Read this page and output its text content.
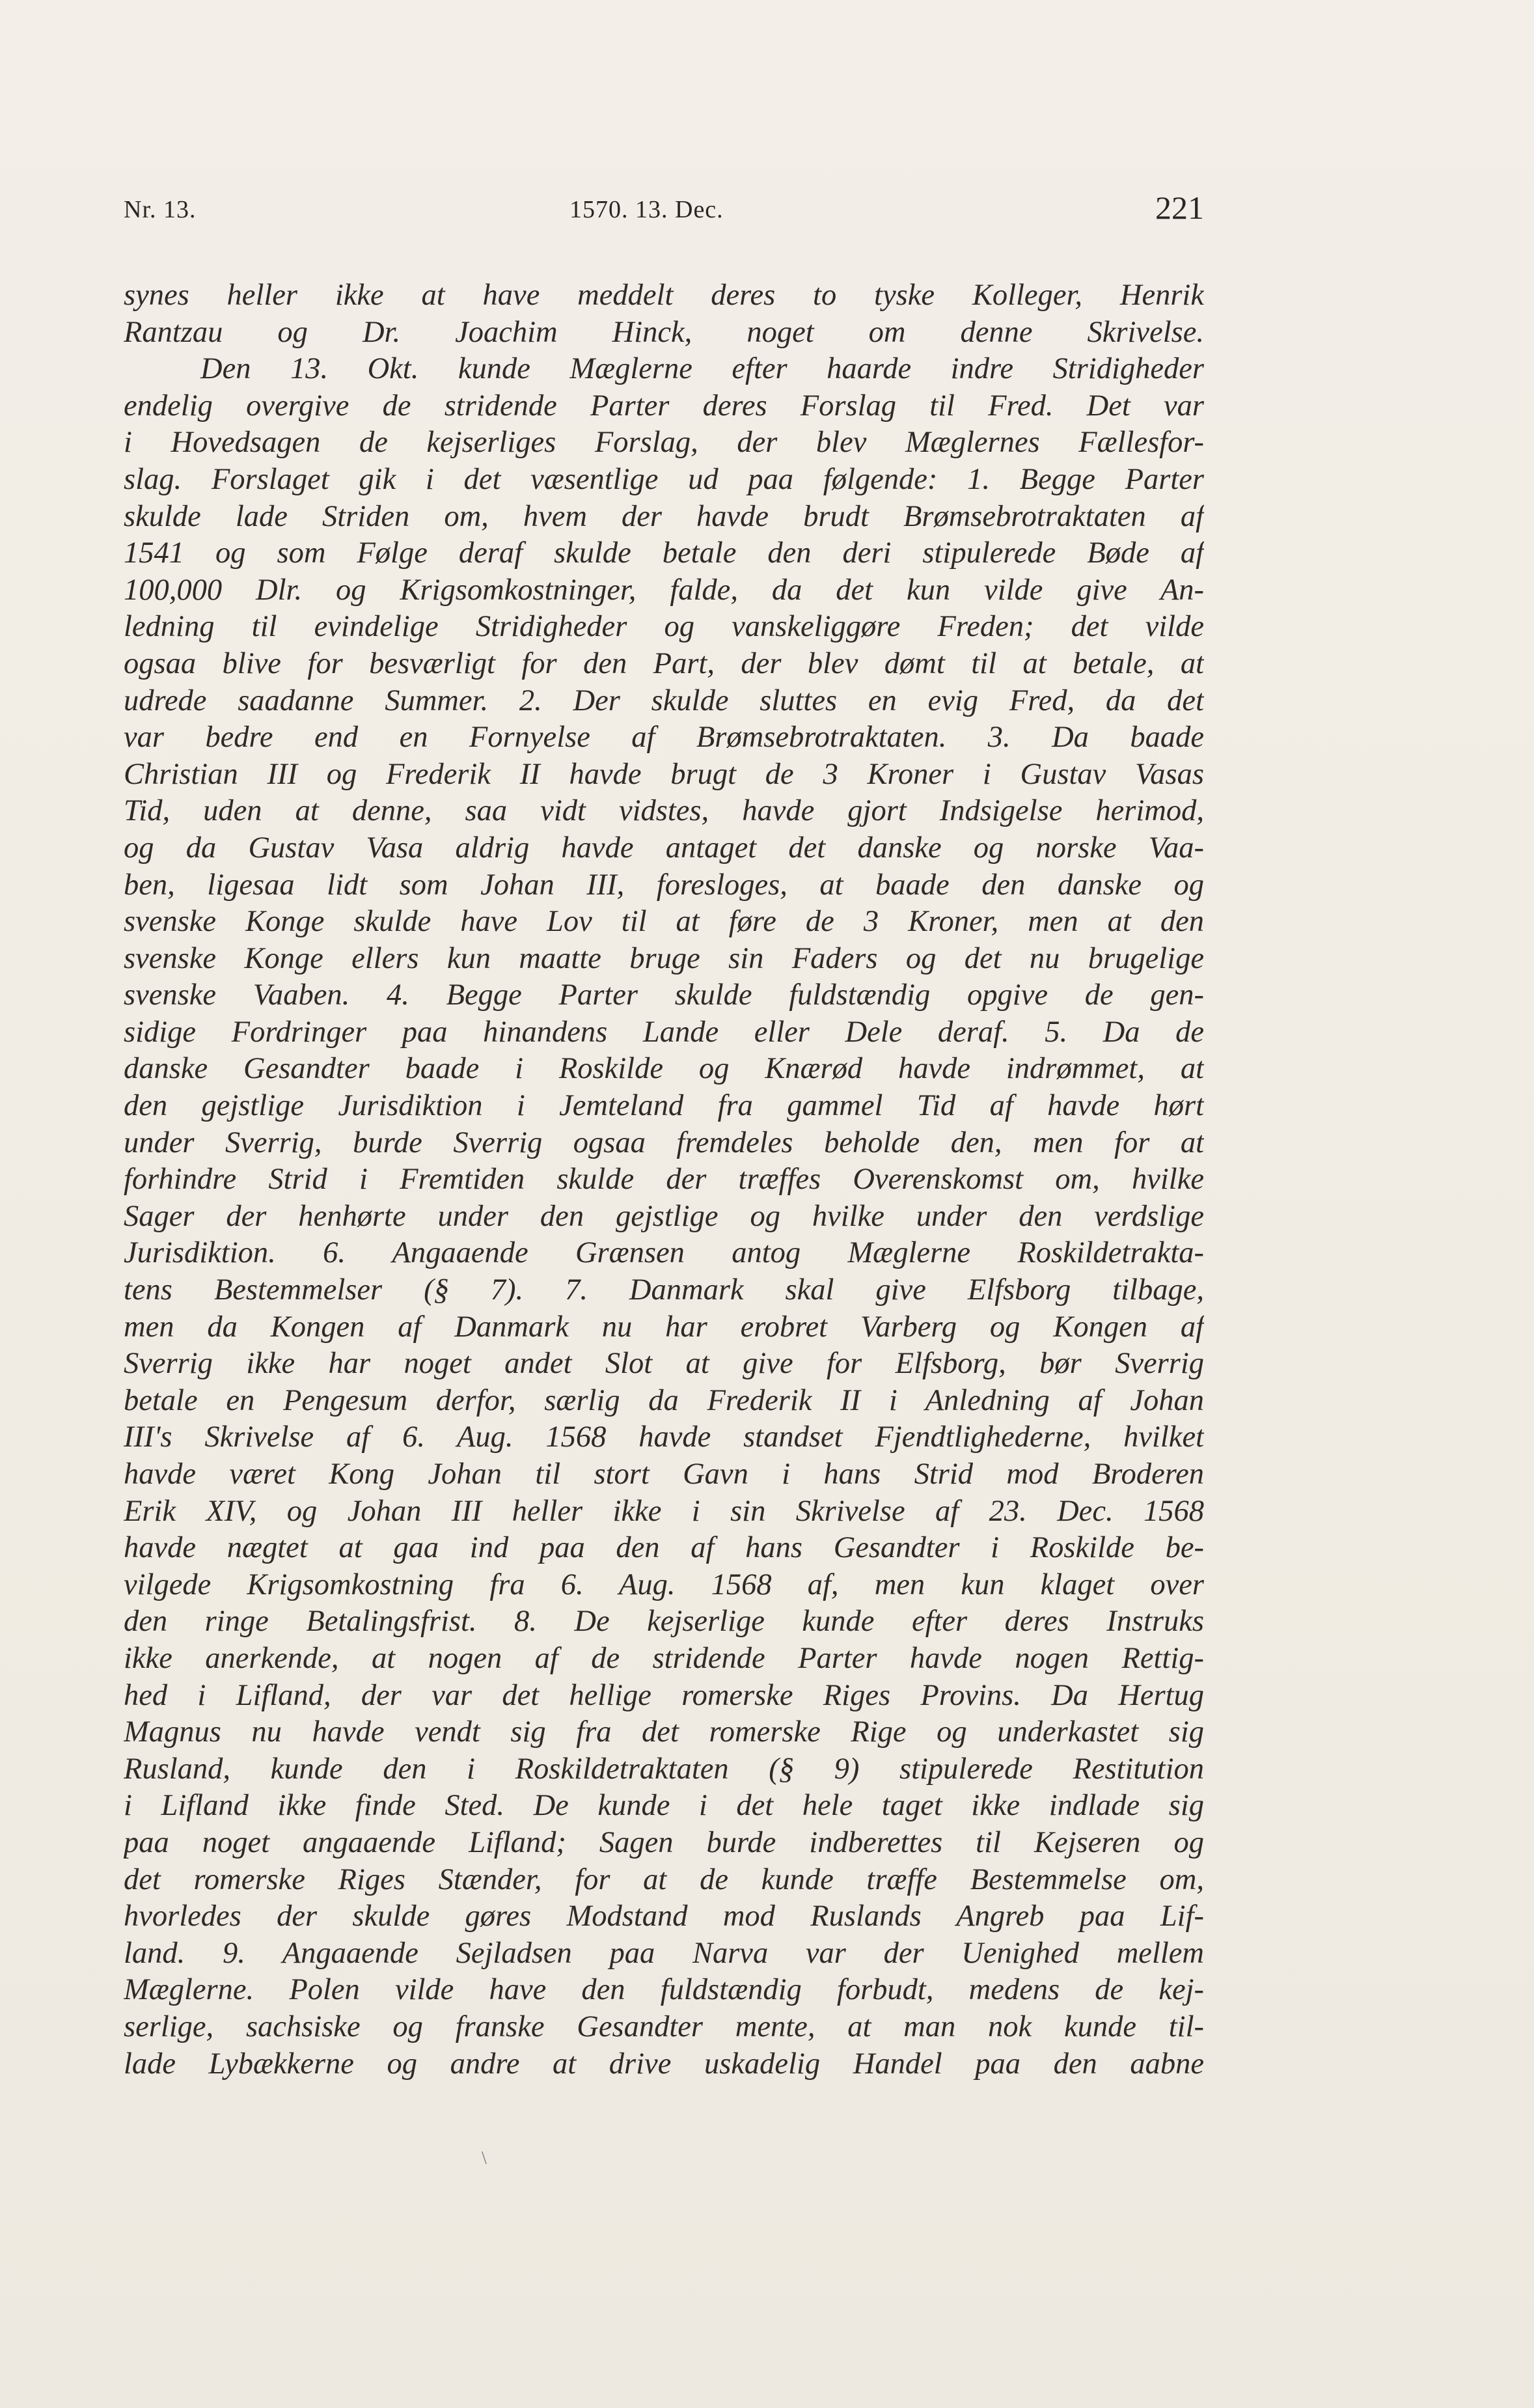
Nr. 13.	1570. 13. Dec.	221
synes heller ikke at have meddelt deres to tyske Kolleger, Henrik
Rantzau og Dr. Joachim Hinck, noget om denne Skrivelse.
Den 13. Okt. kunde Mæglerne efter haarde indre Stridigheder
endelig overgive de stridende Parter deres Forslag til Fred. Det var
i Hovedsagen de kejserliges Forslag, der blev Mæglernes Fællesfor-
slag. Forslaget gik i det væsentlige ud paa følgende: 1. Begge Parter
skulde lade Striden om, hvem der havde brudt Brømsebrotraktaten af
1541 og som Følge deraf skulde betale den deri stipulerede Bøde af
100,000 Dlr. og Krigsomkostninger, falde, da det kun vilde give An-
ledning til evindelige Stridigheder og vanskeliggøre Freden; det vilde
ogsaa blive for besværligt for den Part, der blev dømt til at betale, at
udrede saadanne Summer. 2. Der skulde sluttes en evig Fred, da det
var bedre end en Fornyelse af Brømsebrotraktaten. 3. Da baade
Christian III og Frederik II havde brugt de 3 Kroner i Gustav Vasas
Tid, uden at denne, saa vidt vidstes, havde gjort Indsigelse herimod,
og da Gustav Vasa aldrig havde antaget det danske og norske Vaa-
ben, ligesaa lidt som Johan III, foresloges, at baade den danske og
svenske Konge skulde have Lov til at føre de 3 Kroner, men at den
svenske Konge ellers kun maatte bruge sin Faders og det nu brugelige
svenske Vaaben. 4. Begge Parter skulde fuldstændig opgive de gen-
sidige Fordringer paa hinandens Lande eller Dele deraf. 5. Da de
danske Gesandter baade i Roskilde og Knærød havde indrømmet, at
den gejstlige Jurisdiktion i Jemteland fra gammel Tid af havde hørt
under Sverrig, burde Sverrig ogsaa fremdeles beholde den, men for at
forhindre Strid i Fremtiden skulde der træffes Overenskomst om, hvilke
Sager der henhørte under den gejstlige og hvilke under den verdslige
Jurisdiktion. 6. Angaaende Grænsen antog Mæglerne Roskildetrakta-
tens Bestemmelser (§ 7). 7. Danmark skal give Elfsborg tilbage,
men da Kongen af Danmark nu har erobret Varberg og Kongen af
Sverrig ikke har noget andet Slot at give for Elfsborg, bør Sverrig
betale en Pengesum derfor, særlig da Frederik II i Anledning af Johan
III's Skrivelse af 6. Aug. 1568 havde standset Fjendtlighederne, hvilket
havde været Kong Johan til stort Gavn i hans Strid mod Broderen
Erik XIV, og Johan III heller ikke i sin Skrivelse af 23. Dec. 1568
havde nægtet at gaa ind paa den af hans Gesandter i Roskilde be-
vilgede Krigsomkostning fra 6. Aug. 1568 af, men kun klaget over
den ringe Betalingsfrist. 8. De kejserlige kunde efter deres Instruks
ikke anerkende, at nogen af de stridende Parter havde nogen Rettig-
hed i Lifland, der var det hellige romerske Riges Provins. Da Hertug
Magnus nu havde vendt sig fra det romerske Rige og underkastet sig
Rusland, kunde den i Roskildetraktaten (§ 9) stipulerede Restitution
i Lifland ikke finde Sted. De kunde i det hele taget ikke indlade sig
paa noget angaaende Lifland; Sagen burde indberettes til Kejseren og
det romerske Riges Stænder, for at de kunde træffe Bestemmelse om,
hvorledes der skulde gøres Modstand mod Ruslands Angreb paa Lif-
land. 9. Angaaende Sejladsen paa Narva var der Uenighed mellem
Mæglerne. Polen vilde have den fuldstændig forbudt, medens de kej-
serlige, sachsiske og franske Gesandter mente, at man nok kunde til-
lade Lybækkerne og andre at drive uskadelig Handel paa den aabne
\
